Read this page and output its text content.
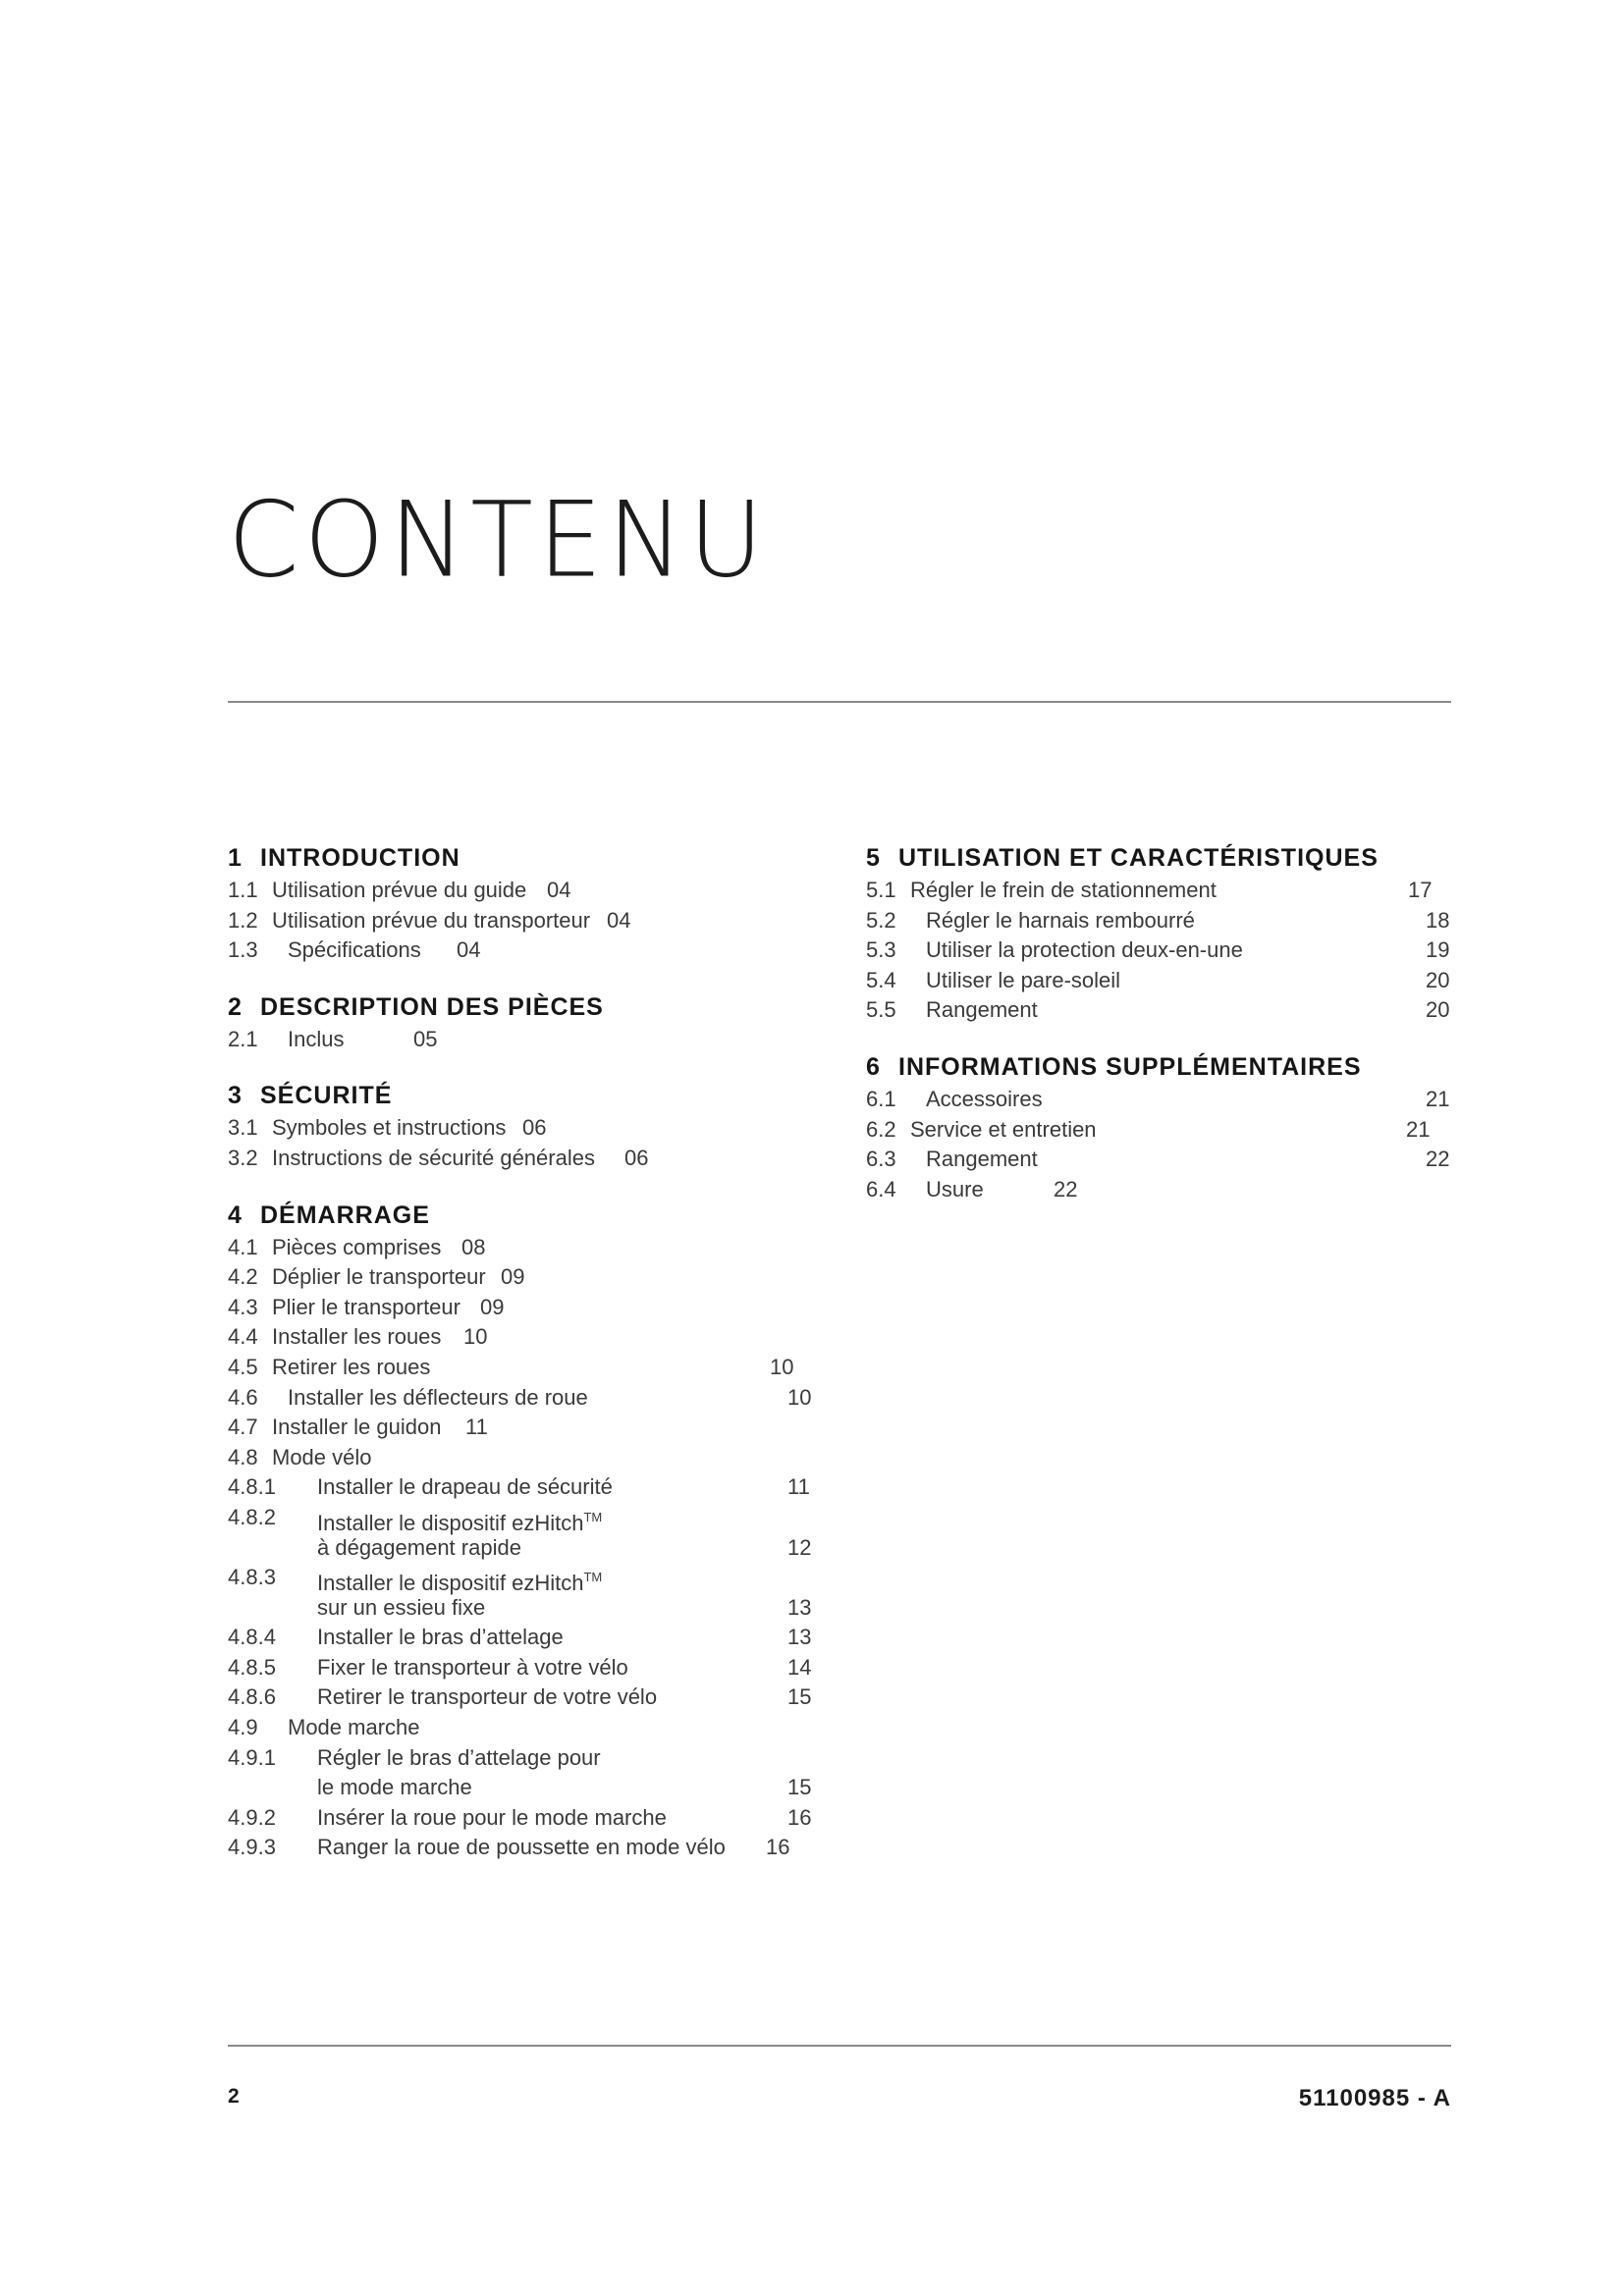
CONTENU
1 INTRODUCTION
1.1 Utilisation prévue du guide 04
1.2 Utilisation prévue du transporteur 04
1.3 Spécifications 04
2 DESCRIPTION DES PIÈCES
2.1 Inclus	05
3 SÉCURITÉ
3.1 Symboles et instructions 06
3.2 Instructions de sécurité générales 06
4 DÉMARRAGE
4.1 Pièces comprises 08
4.2 Déplier le transporteur 09
4.3 Plier le transporteur 09
4.4 Installer les roues 10
4.5 Retirer les roues	10
4.6 Installer les déflecteurs de roue	10
4.7 Installer le guidon 11
4.8 Mode vélo
4.8.1 Installer le drapeau de sécurité	11
4.8.2 Installer le dispositif ezHitch™
à dégagement rapide	12
4.8.3 Installer le dispositif ezHitch™
sur un essieu fixe	13
4.8.4 Installer le bras d’attelage	13
4.8.5 Fixer le transporteur à votre vélo	14
4.8.6 Retirer le transporteur de votre vélo	15
4.9 Mode marche
4.9.1 Régler le bras d’attelage pour
le mode marche	15
4.9.2 Insérer la roue pour le mode marche	16
4.9.3 Ranger la roue de poussette en mode vélo 16
5 UTILISATION ET CARACTÉRISTIQUES
5.1 Régler le frein de stationnement	17
5.2 Régler le harnais rembourré	18
5.3 Utiliser la protection deux-en-une	19
5.4 Utiliser le pare-soleil	20
5.5 Rangement	20
6 INFORMATIONS SUPPLÉMENTAIRES
6.1 Accessoires	21
6.2 Service et entretien	21
6.3 Rangement	22
6.4 Usure	22
2	51100985 - A
